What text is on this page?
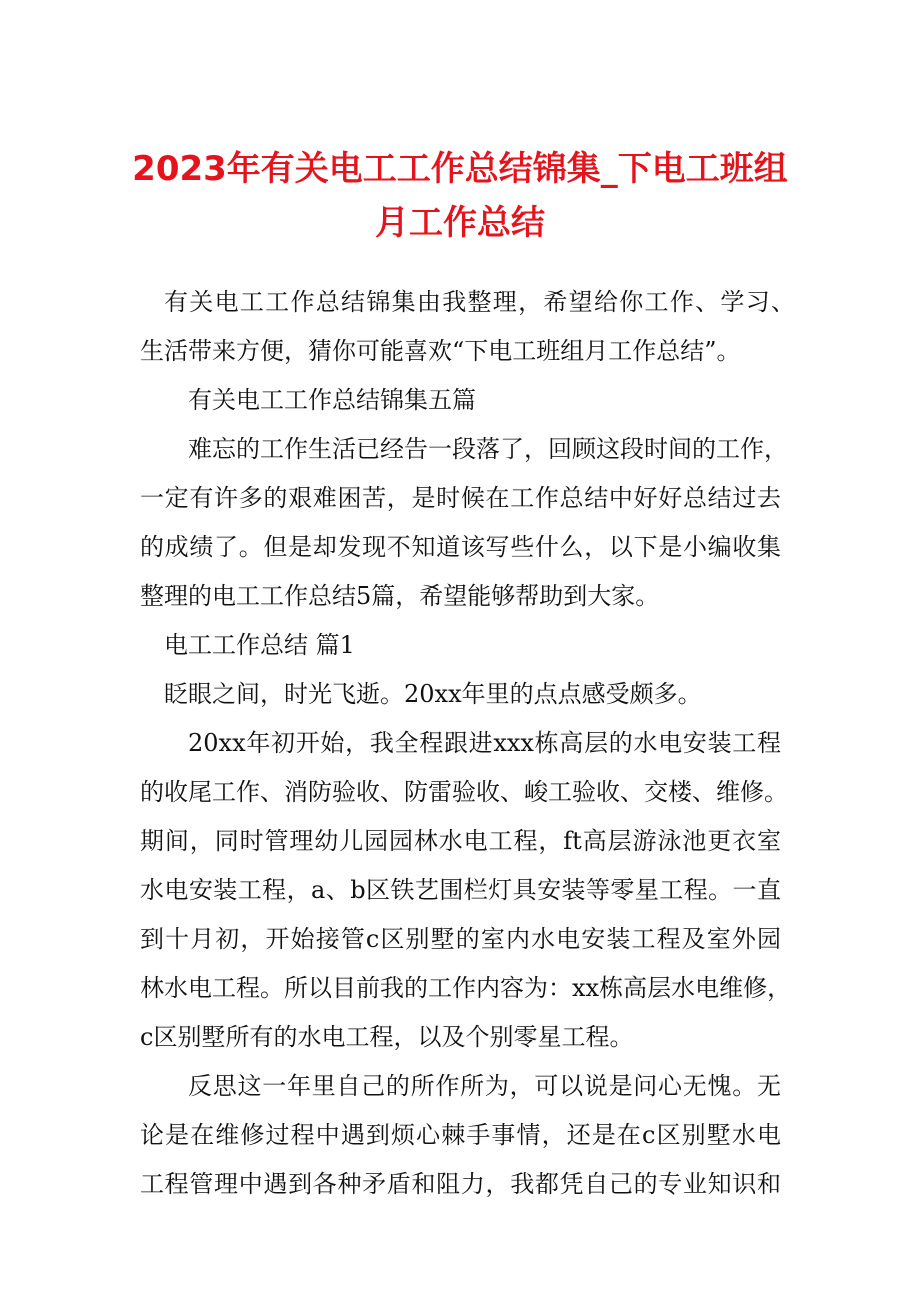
2023年有关电工工作总结锦集_下电工班组
月工作总结
有关电工工作总结锦集由我整理，希望给你工作、学习、
生活带来方便，猜你可能喜欢“下电工班组月工作总结”。
有关电工工作总结锦集五篇
难忘的工作生活已经告一段落了，回顾这段时间的工作，
一定有许多的艰难困苦，是时候在工作总结中好好总结过去
的成绩了。但是却发现不知道该写些什么，以下是小编收集
整理的电工工作总结5篇，希望能够帮助到大家。
电工工作总结 篇1
眨眼之间，时光飞逝。20xx年里的点点感受颇多。
20xx年初开始，我全程跟进xxx栋高层的水电安装工程
的收尾工作、消防验收、防雷验收、峻工验收、交楼、维修。
期间，同时管理幼儿园园林水电工程，ft高层游泳池更衣室
水电安装工程，a、b区铁艺围栏灯具安装等零星工程。一直
到十月初，开始接管c区别墅的室内水电安装工程及室外园
林水电工程。所以目前我的工作内容为：xx栋高层水电维修，
c区别墅所有的水电工程，以及个别零星工程。
反思这一年里自己的所作所为，可以说是问心无愧。无
论是在维修过程中遇到烦心棘手事情，还是在c区别墅水电
工程管理中遇到各种矛盾和阻力，我都凭自己的专业知识和
